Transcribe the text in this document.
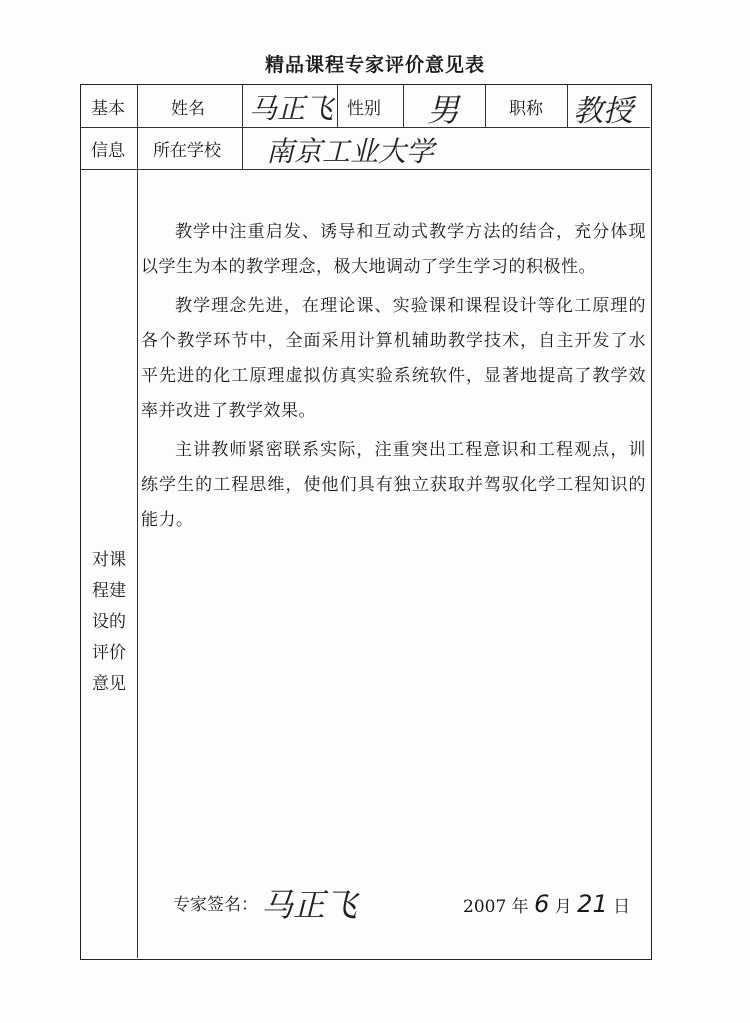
精品课程专家评价意见表
基本
信息
姓名 马正飞 性别 男	职称 教授
所在学校 南京工业大学
对课
程建
设的
评价
意见

教学中注重启发、诱导和互动式教学方法的结合，充分体现以学生为本的教学理念，极大地调动了学生学习的积极性。

教学理念先进，在理论课、实验课和课程设计等化工原理的各个教学环节中，全面采用计算机辅助教学技术，自主开发了水平先进的化工原理虚拟仿真实验系统软件，显著地提高了教学效率并改进了教学效果。

主讲教师紧密联系实际，注重突出工程意识和工程观点，训练学生的工程思维，使他们具有独立获取并驾驭化学工程知识的能力。

专家签名： 马正飞	2007 年 6 月 21 日
